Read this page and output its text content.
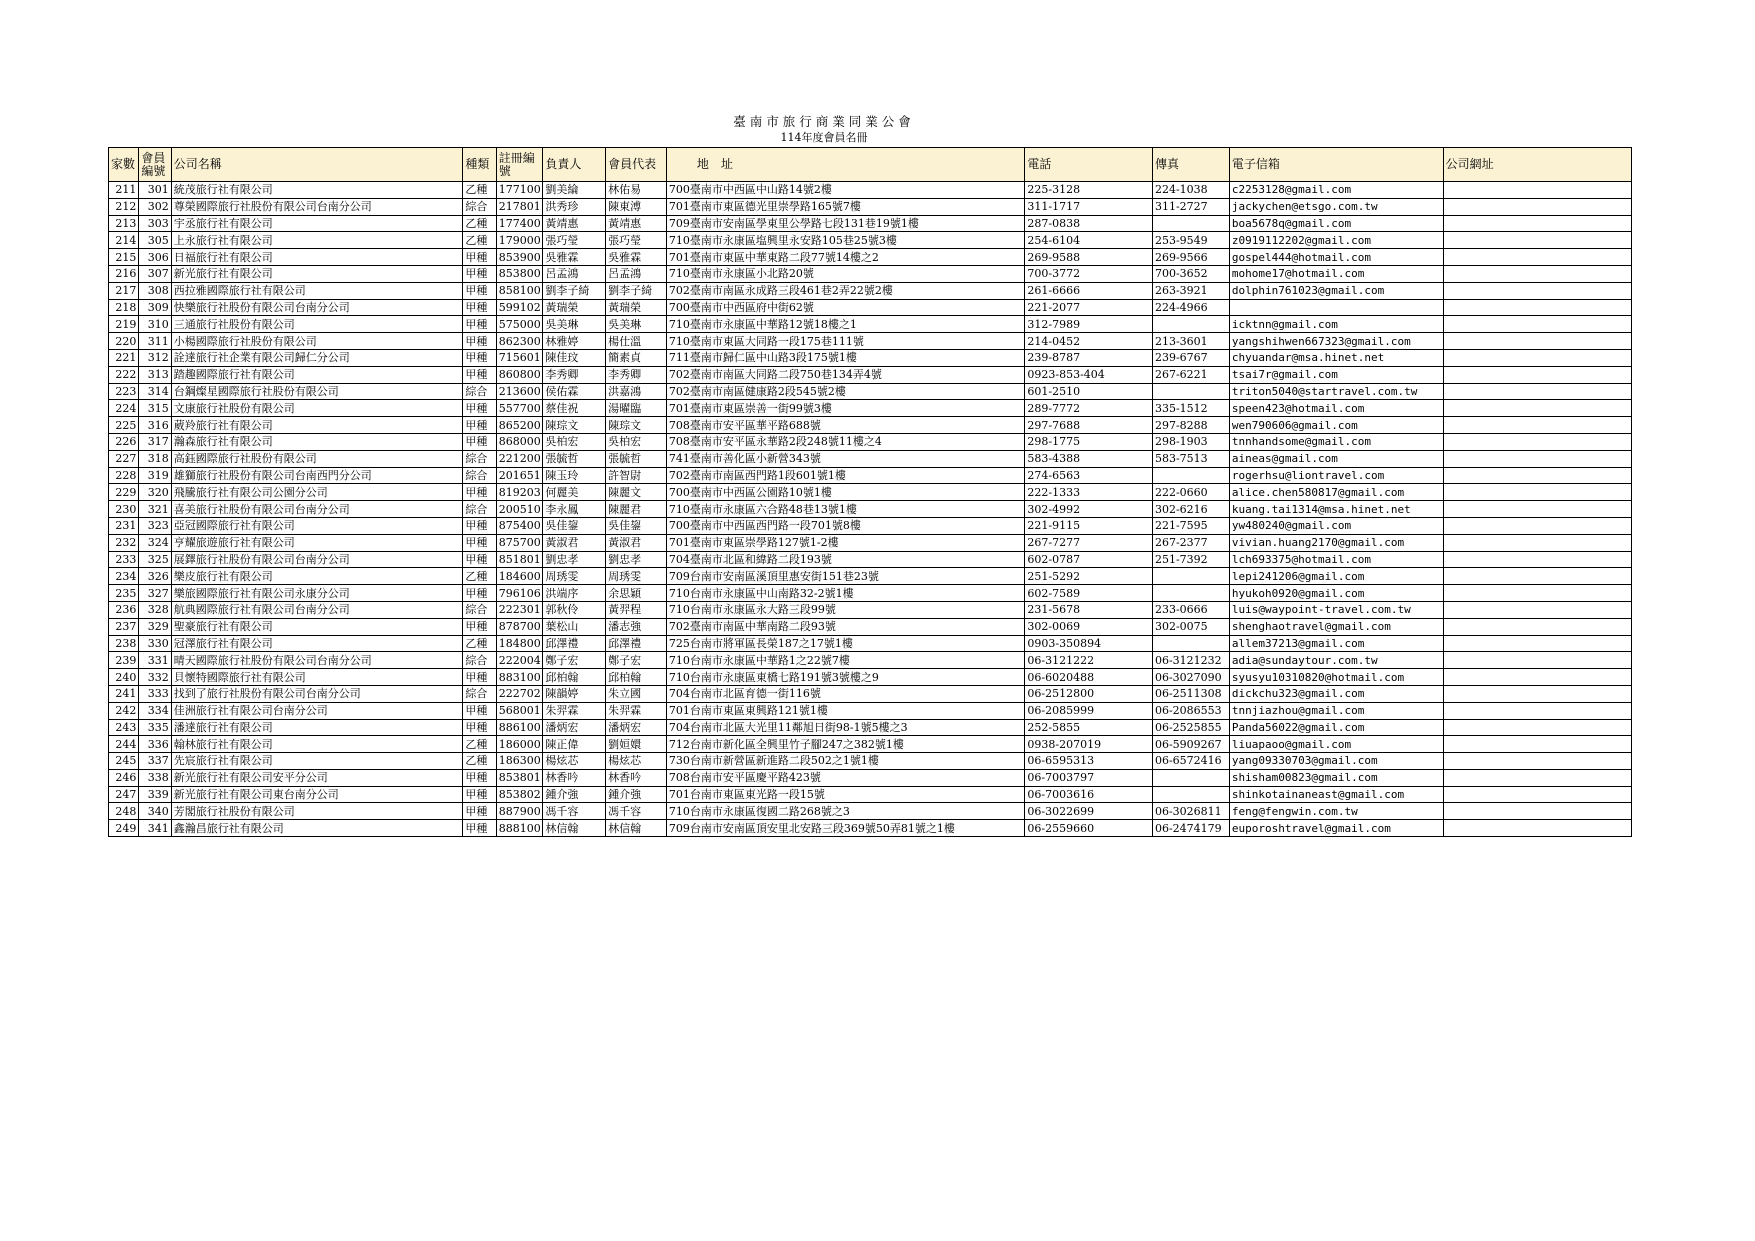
臺南市旅行商業同業公會
114年度會員名冊
家數	會員編號	公司名稱	種類	註冊編號	負責人	會員代表	地　址	電話	傳真	電子信箱	公司網址
211	301	統茂旅行社有限公司	乙種	177100	劉美綸	林佑易	700臺南市中西區中山路14號2樓	225-3128	224-1038	c2253128@gmail.com	
212	302	尊榮國際旅行社股份有限公司台南分公司	綜合	217801	洪秀珍	陳東溥	701臺南市東區德光里崇學路165號7樓	311-1717	311-2727	jackychen@etsgo.com.tw	
213	303	宇丞旅行社有限公司	乙種	177400	黃靖惠	黃靖惠	709臺南市安南區學東里公學路七段131巷19號1樓	287-0838		boa5678q@gmail.com	
214	305	上永旅行社有限公司	乙種	179000	張巧瑩	張巧瑩	710臺南市永康區塩興里永安路105巷25號3樓	254-6104	253-9549	z0919112202@gmail.com	
215	306	日福旅行社有限公司	甲種	853900	吳雅霖	吳雅霖	701臺南市東區中華東路二段77號14樓之2	269-9588	269-9566	gospel444@hotmail.com	
216	307	新光旅行社有限公司	甲種	853800	呂孟鴻	呂孟鴻	710臺南市永康區小北路20號	700-3772	700-3652	mohome17@hotmail.com	
217	308	西拉雅國際旅行社有限公司	甲種	858100	劉李子綺	劉李子綺	702臺南市南區永成路三段461巷2弄22號2樓	261-6666	263-3921	dolphin761023@gmail.com	
218	309	快樂旅行社股份有限公司台南分公司	甲種	599102	黃瑞榮	黃瑞榮	700臺南市中西區府中街62號	221-2077	224-4966		
219	310	三通旅行社股份有限公司	甲種	575000	吳美琳	吳美琳	710臺南市永康區中華路12號18樓之1	312-7989		icktnn@gmail.com	
220	311	小楊國際旅行社股份有限公司	甲種	862300	林雅婷	楊仕溫	710臺南市東區大同路一段175巷111號	214-0452	213-3601	yangshihwen667323@gmail.com	
221	312	詮達旅行社企業有限公司歸仁分公司	甲種	715601	陳佳玟	簡素貞	711臺南市歸仁區中山路3段175號1樓	239-8787	239-6767	chyuandar@msa.hinet.net	
222	313	踏趣國際旅行社有限公司	甲種	860800	李秀卿	李秀卿	702臺南市南區大同路二段750巷134弄4號	0923-853-404	267-6221	tsai7r@gmail.com	
223	314	台鋼燦星國際旅行社股份有限公司	綜合	213600	侯佑霖	洪嘉鴻	702臺南市南區健康路2段545號2樓	601-2510		triton5040@startravel.com.tw	
224	315	文康旅行社股份有限公司	甲種	557700	蔡佳祝	湯曜臨	701臺南市東區崇善一街99號3樓	289-7772	335-1512	speen423@hotmail.com	
225	316	葳羚旅行社有限公司	甲種	865200	陳琮文	陳琮文	708臺南市安平區華平路688號	297-7688	297-8288	wen790606@gmail.com	
226	317	瀚森旅行社有限公司	甲種	868000	吳柏宏	吳柏宏	708臺南市安平區永華路2段248號11樓之4	298-1775	298-1903	tnnhandsome@gmail.com	
227	318	高鈺國際旅行社股份有限公司	綜合	221200	張毓哲	張毓哲	741臺南市善化區小新營343號	583-4388	583-7513	aineas@gmail.com	
228	319	雄獅旅行社股份有限公司台南西門分公司	綜合	201651	陳玉玲	許智尉	702臺南市南區西門路1段601號1樓	274-6563		rogerhsu@liontravel.com	
229	320	飛騰旅行社有限公司公園分公司	甲種	819203	何麗美	陳麗文	700臺南市中西區公園路10號1樓	222-1333	222-0660	alice.chen580817@gmail.com	
230	321	喜美旅行社股份有限公司台南分公司	綜合	200510	李永鳳	陳麗君	710臺南市永康區六合路48巷13號1樓	302-4992	302-6216	kuang.tai1314@msa.hinet.net	
231	323	亞冠國際旅行社有限公司	甲種	875400	吳佳鋆	吳佳鋆	700臺南市中西區西門路一段701號8樓	221-9115	221-7595	yw480240@gmail.com	
232	324	亨耀旅遊旅行社有限公司	甲種	875700	黃淑君	黃淑君	701臺南市東區崇學路127號1-2樓	267-7277	267-2377	vivian.huang2170@gmail.com	
233	325	展鐸旅行社股份有限公司台南分公司	甲種	851801	劉忠孝	劉忠孝	704臺南市北區和緯路二段193號	602-0787	251-7392	lch693375@hotmail.com	
234	326	樂皮旅行社有限公司	乙種	184600	周琇雯	周琇雯	709台南市安南區溪頂里惠安街151巷23號	251-5292		lepi241206@gmail.com	
235	327	樂旅國際旅行社有限公司永康分公司	甲種	796106	洪端序	余思穎	710台南市永康區中山南路32-2號1樓	602-7589		hyukoh0920@gmail.com	
236	328	航典國際旅行社有限公司台南分公司	綜合	222301	郭秋伶	黃羿程	710台南市永康區永大路三段99號	231-5678	233-0666	luis@waypoint-travel.com.tw	
237	329	聖豪旅行社有限公司	甲種	878700	葉松山	潘志強	702臺南市南區中華南路二段93號	302-0069	302-0075	shenghaotravel@gmail.com	
238	330	冠澤旅行社有限公司	乙種	184800	邱澤禮	邱澤禮	725台南市將軍區長榮187之17號1樓	0903-350894		allem37213@gmail.com	
239	331	晴天國際旅行社股份有限公司台南分公司	綜合	222004	鄭子宏	鄭子宏	710台南市永康區中華路1之22號7樓	06-3121222	06-3121232	adia@sundaytour.com.tw	
240	332	貝懷特國際旅行社有限公司	甲種	883100	邱柏翰	邱柏翰	710台南市永康區東橋七路191號3號樓之9	06-6020488	06-3027090	syusyu10310820@hotmail.com	
241	333	找到了旅行社股份有限公司台南分公司	綜合	222702	陳韻婷	朱立國	704台南市北區育德一街116號	06-2512800	06-2511308	dickchu323@gmail.com	
242	334	佳洲旅行社有限公司台南分公司	甲種	568001	朱羿霖	朱羿霖	701台南市東區東興路121號1樓	06-2085999	06-2086553	tnnjiazhou@gmail.com	
243	335	潘達旅行社有限公司	甲種	886100	潘炳宏	潘炳宏	704台南市北區大光里11鄰旭日街98-1號5樓之3	252-5855	06-2525855	Panda56022@gmail.com	
244	336	翰林旅行社有限公司	乙種	186000	陳正偉	劉姮嬛	712台南市新化區全興里竹子腳247之382號1樓	0938-207019	06-5909267	liuapaoo@gmail.com	
245	337	先宸旅行社有限公司	乙種	186300	楊炫芯	楊炫芯	730台南市新營區新進路二段502之1號1樓	06-6595313	06-6572416	yang09330703@gmail.com	
246	338	新光旅行社有限公司安平分公司	甲種	853801	林香吟	林香吟	708台南市安平區慶平路423號	06-7003797		shisham00823@gmail.com	
247	339	新光旅行社有限公司東台南分公司	甲種	853802	鍾介強	鍾介強	701台南市東區東光路一段15號	06-7003616		shinkotainaneast@gmail.com	
248	340	芳閣旅行社股份有限公司	甲種	887900	馮千容	馮千容	710台南市永康區復國二路268號之3	06-3022699	06-3026811	feng@fengwin.com.tw	
249	341	鑫瀚昌旅行社有限公司	甲種	888100	林信翰	林信翰	709台南市安南區頂安里北安路三段369號50弄81號之1樓	06-2559660	06-2474179	euporoshtravel@gmail.com	
